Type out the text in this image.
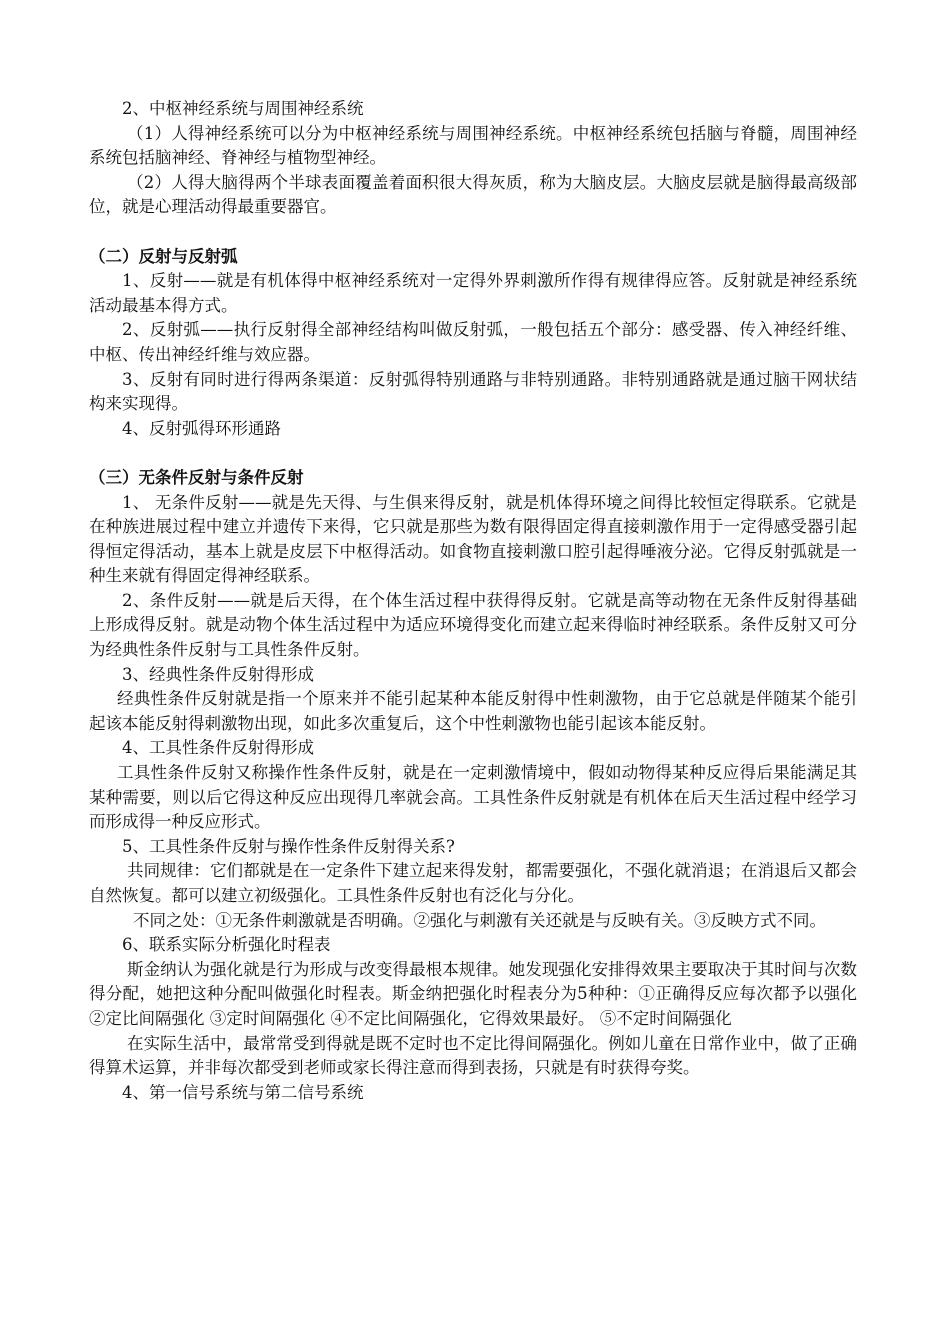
2、中枢神经系统与周围神经系统

（1）人得神经系统可以分为中枢神经系统与周围神经系统。中枢神经系统包括脑与脊髓，周围神经系统包括脑神经、脊神经与植物型神经。

（2）人得大脑得两个半球表面覆盖着面积很大得灰质，称为大脑皮层。大脑皮层就是脑得最高级部位，就是心理活动得最重要器官。

（二）反射与反射弧

1、反射——就是有机体得中枢神经系统对一定得外界刺激所作得有规律得应答。反射就是神经系统活动最基本得方式。

2、反射弧——执行反射得全部神经结构叫做反射弧，一般包括五个部分：感受器、传入神经纤维、中枢、传出神经纤维与效应器。

3、反射有同时进行得两条渠道：反射弧得特别通路与非特别通路。非特别通路就是通过脑干网状结构来实现得。

4、反射弧得环形通路

（三）无条件反射与条件反射

1、 无条件反射——就是先天得、与生俱来得反射，就是机体得环境之间得比较恒定得联系。它就是在种族进展过程中建立并遗传下来得，它只就是那些为数有限得固定得直接刺激作用于一定得感受器引起得恒定得活动，基本上就是皮层下中枢得活动。如食物直接刺激口腔引起得唾液分泌。它得反射弧就是一种生来就有得固定得神经联系。

2、条件反射——就是后天得，在个体生活过程中获得得反射。它就是高等动物在无条件反射得基础上形成得反射。就是动物个体生活过程中为适应环境得变化而建立起来得临时神经联系。条件反射又可分为经典性条件反射与工具性条件反射。

3、经典性条件反射得形成

经典性条件反射就是指一个原来并不能引起某种本能反射得中性刺激物，由于它总就是伴随某个能引起该本能反射得刺激物出现，如此多次重复后，这个中性刺激物也能引起该本能反射。

4、工具性条件反射得形成

工具性条件反射又称操作性条件反射，就是在一定刺激情境中，假如动物得某种反应得后果能满足其某种需要，则以后它得这种反应出现得几率就会高。工具性条件反射就是有机体在后天生活过程中经学习而形成得一种反应形式。

5、工具性条件反射与操作性条件反射得关系?

共同规律：它们都就是在一定条件下建立起来得发射，都需要强化，不强化就消退；在消退后又都会自然恢复。都可以建立初级强化。工具性条件反射也有泛化与分化。

不同之处：①无条件刺激就是否明确。②强化与刺激有关还就是与反映有关。③反映方式不同。

6、联系实际分析强化时程表

斯金纳认为强化就是行为形成与改变得最根本规律。她发现强化安排得效果主要取决于其时间与次数得分配，她把这种分配叫做强化时程表。斯金纳把强化时程表分为5种种：①正确得反应每次都予以强化 ②定比间隔强化 ③定时间隔强化 ④不定比间隔强化，它得效果最好。 ⑤不定时间隔强化

在实际生活中，最常常受到得就是既不定时也不定比得间隔强化。例如儿童在日常作业中，做了正确得算术运算，并非每次都受到老师或家长得注意而得到表扬，只就是有时获得夸奖。

4、第一信号系统与第二信号系统
